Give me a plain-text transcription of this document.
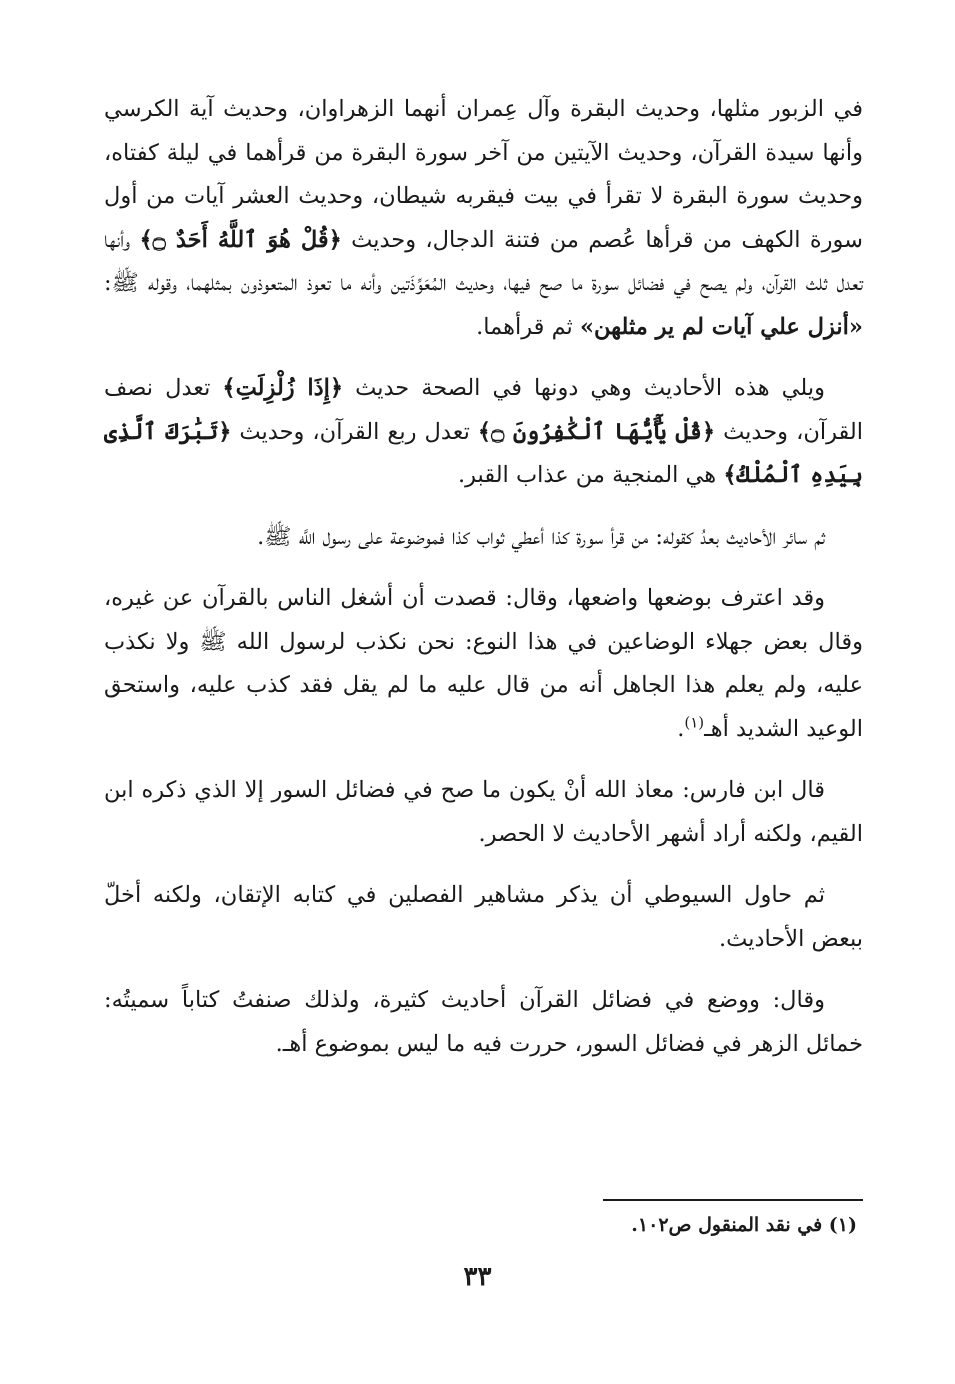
في الزبور مثلها، وحديث البقرة وآل عِمران أنهما الزهراوان، وحديث آية الكرسي وأنها سيدة القرآن، وحديث الآيتين من آخر سورة البقرة من قرأهما في ليلة كفتاه، وحديث سورة البقرة لا تقرأ في بيت فيقربه شيطان، وحديث العشر آيات من أول سورة الكهف من قرأها عُصم من فتنة الدجال، وحديث ﴿قُلْ هُوَ ٱللَّهُ أَحَدٌ ۝﴾ وأنها تعدل ثلث القرآن، ولم يصح في فضائل سورة ما صح فيها، وحديث المُعَوِّذَتين وأنه ما تعوذ المتعوذون بمثلهما، وقوله ﷺ: «أنزل علي آيات لم ير مثلهن» ثم قرأهما.

ويلي هذه الأحاديث وهي دونها في الصحة حديث ﴿إِذَا زُلْزِلَتِ﴾ تعدل نصف القرآن، وحديث ﴿قُلْ يَٰٓأَيُّهَا ٱلْكَٰفِرُونَ ۝﴾ تعدل ربع القرآن، وحديث ﴿تَبَٰرَكَ ٱلَّذِى بِيَدِهِ ٱلْمُلْكُ﴾ هي المنجية من عذاب القبر.

ثم سائر الأحاديث بعدُ كقوله: من قرأ سورة كذا أعطي ثواب كذا فموضوعة على رسول اللَّه ﷺ.

وقد اعترف بوضعها واضعها، وقال: قصدت أن أشغل الناس بالقرآن عن غيره، وقال بعض جهلاء الوضاعين في هذا النوع: نحن نكذب لرسول الله ﷺ ولا نكذب عليه، ولم يعلم هذا الجاهل أنه من قال عليه ما لم يقل فقد كذب عليه، واستحق الوعيد الشديد أهـ$^{(١)}$.

قال ابن فارس: معاذ الله أنْ يكون ما صح في فضائل السور إلا الذي ذكره ابن القيم، ولكنه أراد أشهر الأحاديث لا الحصر.

ثم حاول السيوطي أن يذكر مشاهير الفصلين في كتابه الإتقان، ولكنه أخلّ ببعض الأحاديث.

وقال: ووضع في فضائل القرآن أحاديث كثيرة، ولذلك صنفتُ كتاباً سميتُه: خمائل الزهر في فضائل السور، حررت فيه ما ليس بموضوع أهـ.

(١) في نقد المنقول ص١٠٢.
٣٣
